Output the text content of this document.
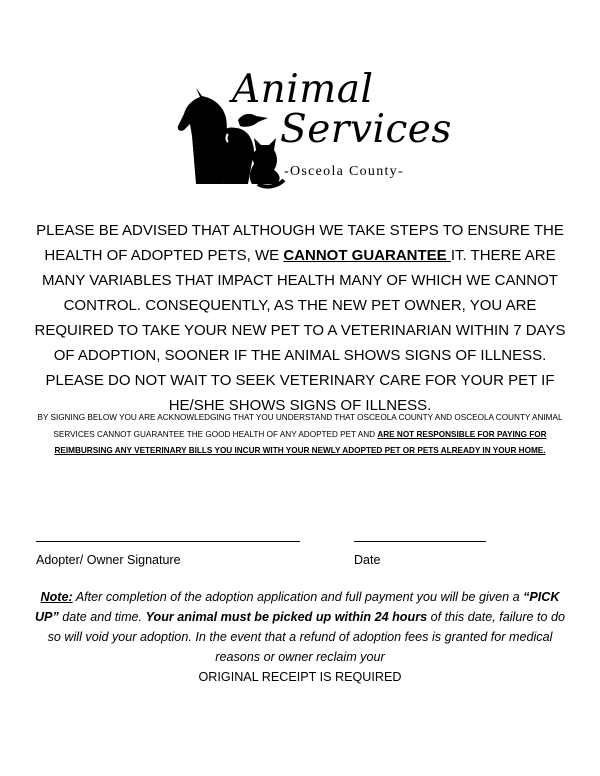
Animal
Services
-Osceola County-
PLEASE BE ADVISED THAT ALTHOUGH WE TAKE STEPS TO ENSURE THE HEALTH OF ADOPTED PETS, WE CANNOT GUARANTEE IT. THERE ARE MANY VARIABLES THAT IMPACT HEALTH MANY OF WHICH WE CANNOT CONTROL. CONSEQUENTLY, AS THE NEW PET OWNER, YOU ARE REQUIRED TO TAKE YOUR NEW PET TO A VETERINARIAN WITHIN 7 DAYS OF ADOPTION, SOONER IF THE ANIMAL SHOWS SIGNS OF ILLNESS. PLEASE DO NOT WAIT TO SEEK VETERINARY CARE FOR YOUR PET IF HE/SHE SHOWS SIGNS OF ILLNESS.
BY SIGNING BELOW YOU ARE ACKNOWLEDGING THAT YOU UNDERSTAND THAT OSCEOLA COUNTY AND OSCEOLA COUNTY ANIMAL SERVICES CANNOT GUARANTEE THE GOOD HEALTH OF ANY ADOPTED PET AND ARE NOT RESPONSIBLE FOR PAYING FOR REIMBURSING ANY VETERINARY BILLS YOU INCUR WITH YOUR NEWLY ADOPTED PET OR PETS ALREADY IN YOUR HOME.
Adopter/ Owner Signature	Date
Note: After completion of the adoption application and full payment you will be given a “PICK UP” date and time. Your animal must be picked up within 24 hours of this date, failure to do so will void your adoption. In the event that a refund of adoption fees is granted for medical reasons or owner reclaim your
ORIGINAL RECEIPT IS REQUIRED
